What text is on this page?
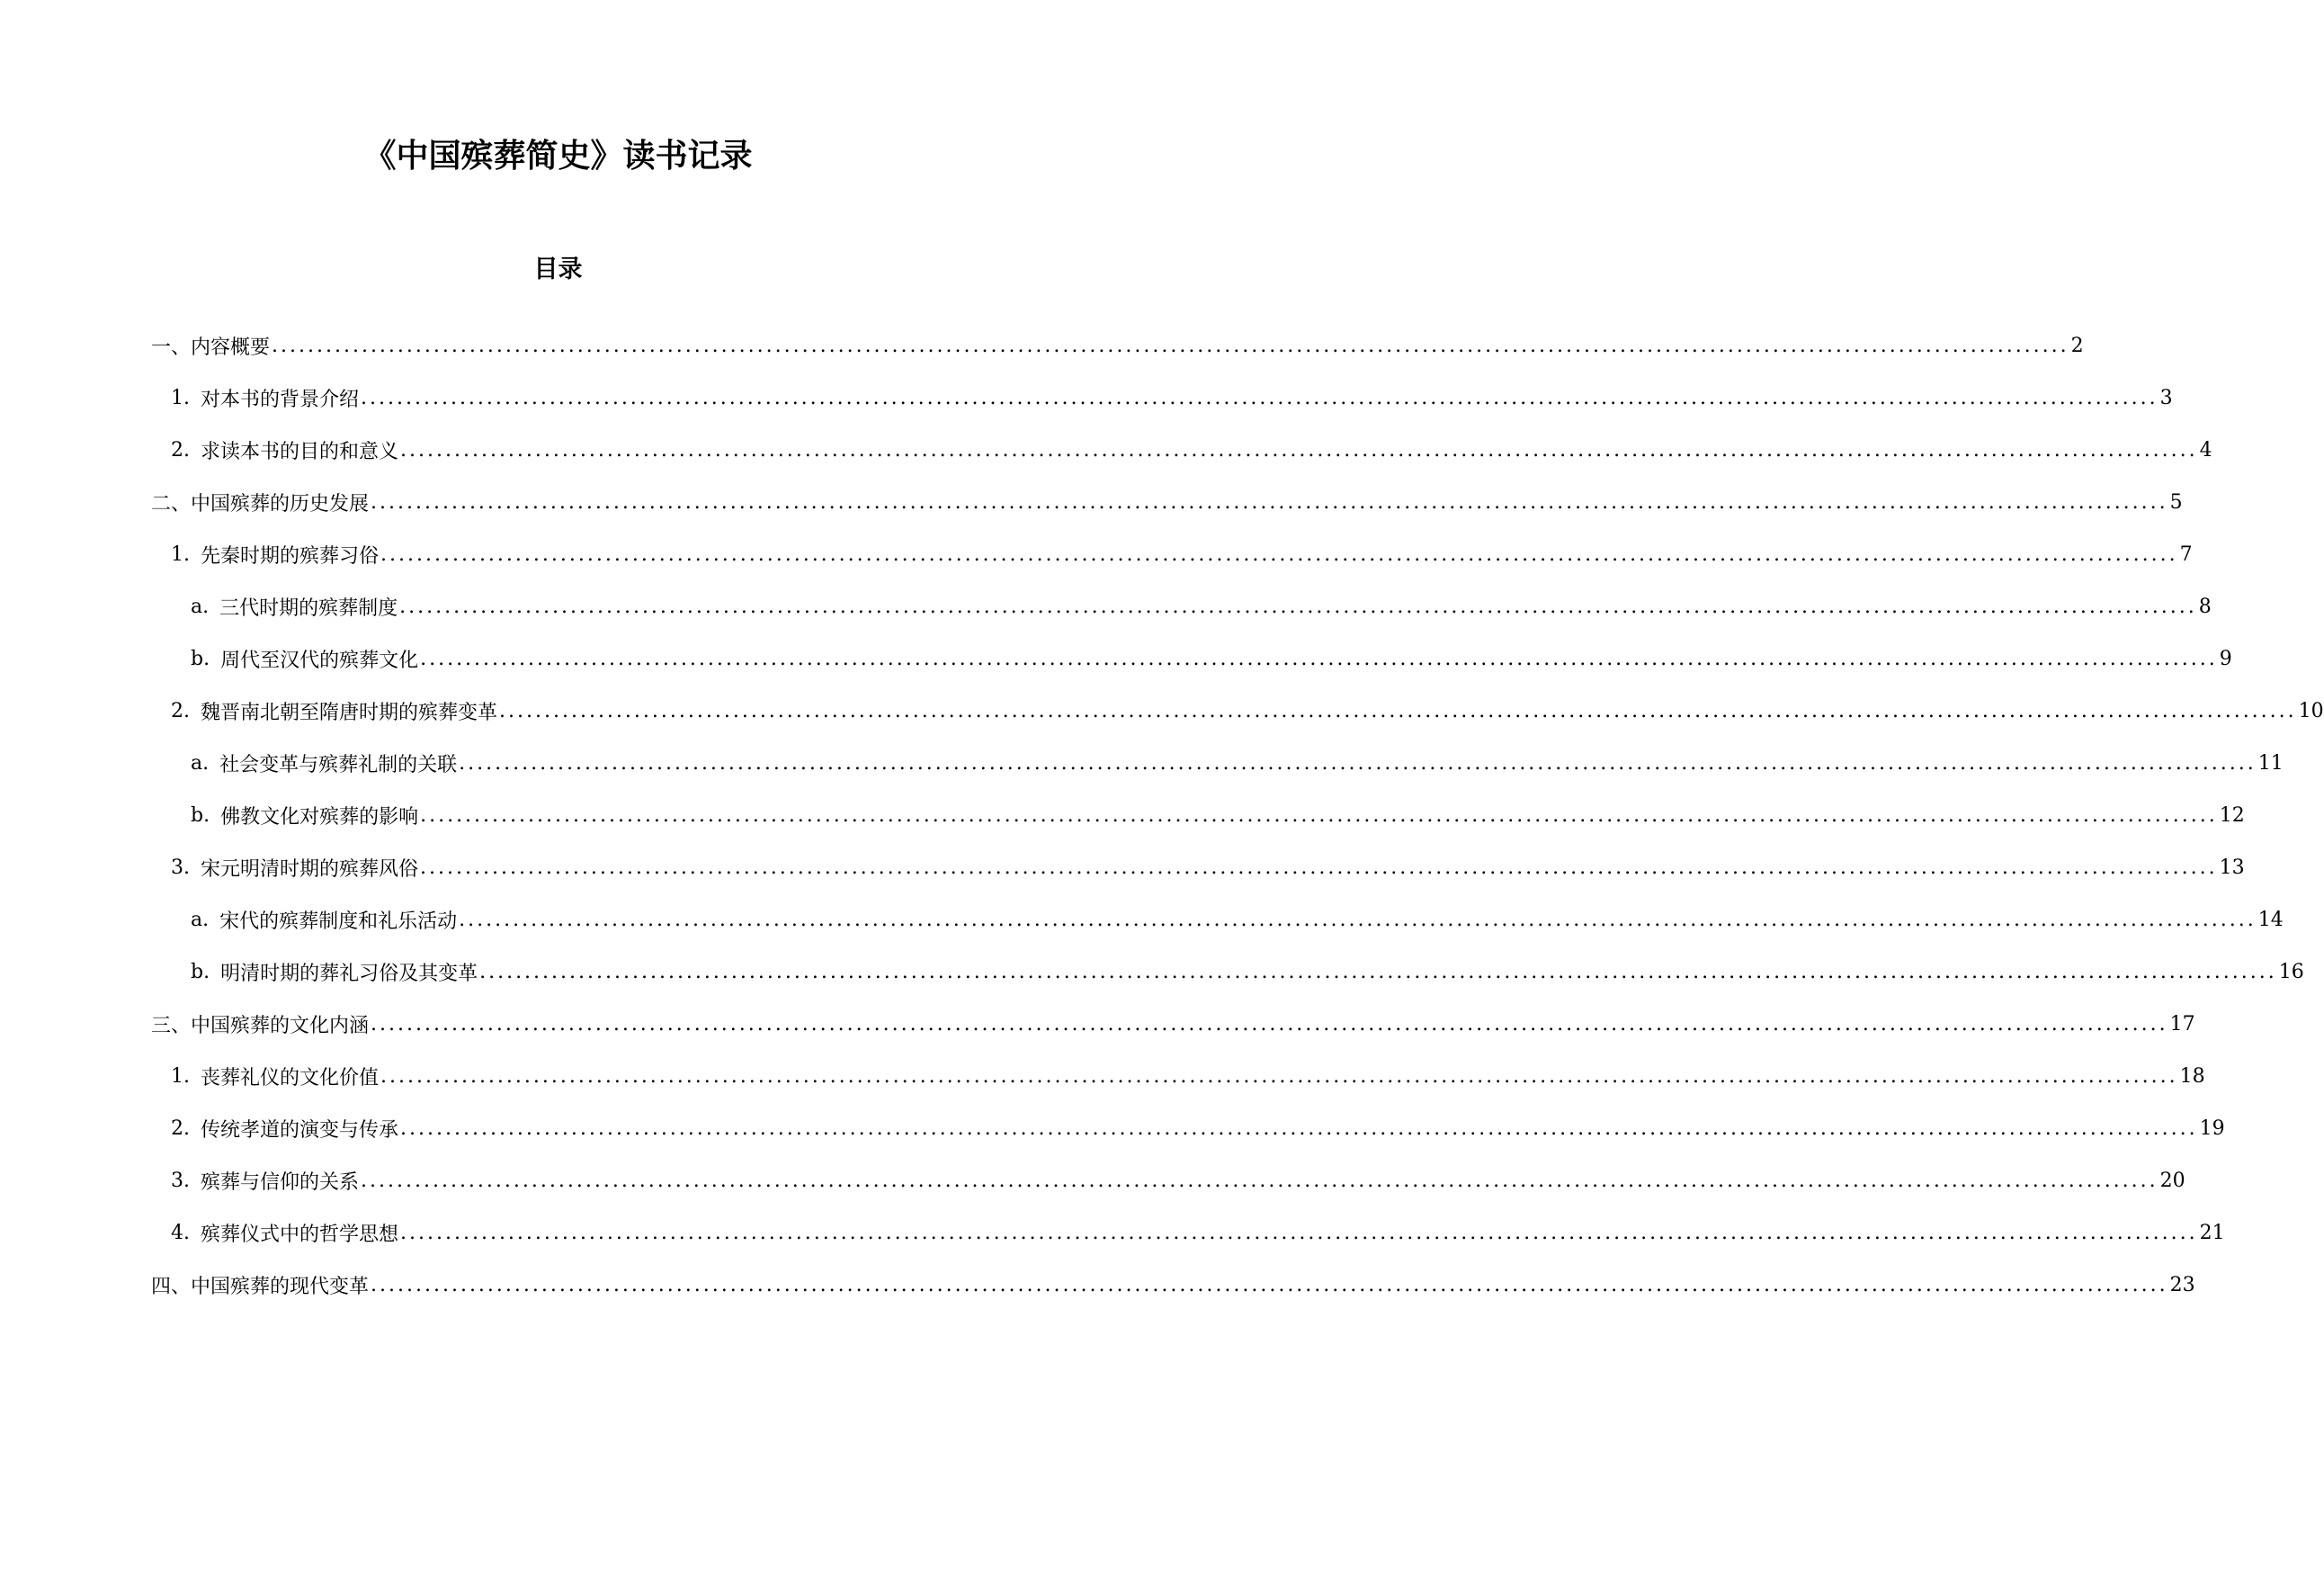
《中国殡葬简史》读书记录
目录
一、内容概要 ........................................................................................................................................................................................................ 2
1. 对本书的背景介绍 ........................................................................................................................................................................................................ 3
2. 求读本书的目的和意义 ........................................................................................................................................................................................................ 4
二、中国殡葬的历史发展 ........................................................................................................................................................................................................ 5
1. 先秦时期的殡葬习俗 ........................................................................................................................................................................................................ 7
a. 三代时期的殡葬制度 ........................................................................................................................................................................................................ 8
b. 周代至汉代的殡葬文化 ........................................................................................................................................................................................................ 9
2. 魏晋南北朝至隋唐时期的殡葬变革 ........................................................................................................................................................................................................ 10
a. 社会变革与殡葬礼制的关联 ........................................................................................................................................................................................................ 11
b. 佛教文化对殡葬的影响 ........................................................................................................................................................................................................ 12
3. 宋元明清时期的殡葬风俗 ........................................................................................................................................................................................................ 13
a. 宋代的殡葬制度和礼乐活动 ........................................................................................................................................................................................................ 14
b. 明清时期的葬礼习俗及其变革 ........................................................................................................................................................................................................ 16
三、中国殡葬的文化内涵 ........................................................................................................................................................................................................ 17
1. 丧葬礼仪的文化价值 ........................................................................................................................................................................................................ 18
2. 传统孝道的演变与传承 ........................................................................................................................................................................................................ 19
3. 殡葬与信仰的关系 ........................................................................................................................................................................................................ 20
4. 殡葬仪式中的哲学思想 ........................................................................................................................................................................................................ 21
四、中国殡葬的现代变革 ........................................................................................................................................................................................................ 23
